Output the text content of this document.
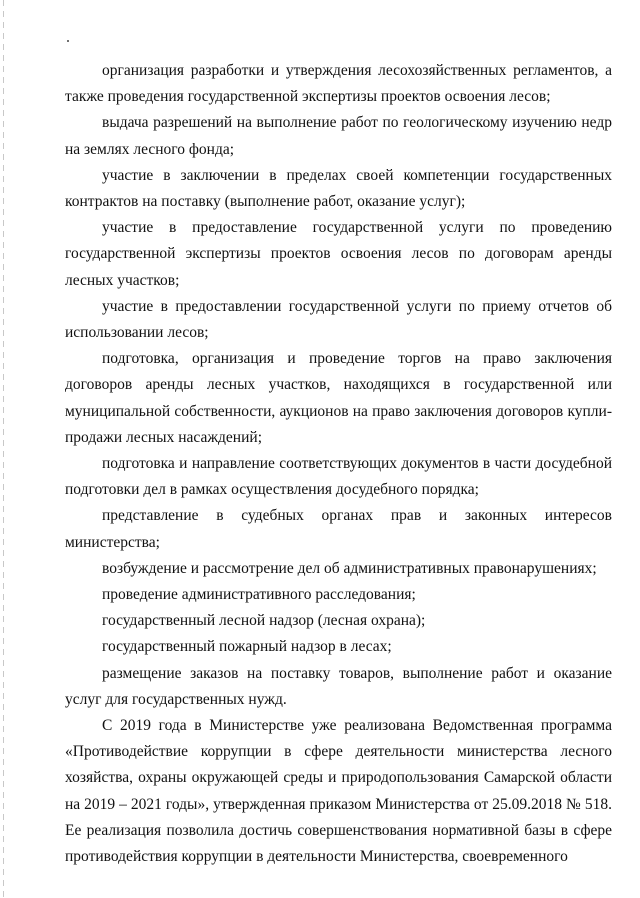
организация разработки и утверждения лесохозяйственных регламентов, а также проведения государственной экспертизы проектов освоения лесов;

выдача разрешений на выполнение работ по геологическому изучению недр на землях лесного фонда;

участие в заключении в пределах своей компетенции государственных контрактов на поставку (выполнение работ, оказание услуг);

участие в предоставление государственной услуги по проведению государственной экспертизы проектов освоения лесов по договорам аренды лесных участков;

участие в предоставлении государственной услуги по приему отчетов об использовании лесов;

подготовка, организация и проведение торгов на право заключения договоров аренды лесных участков, находящихся в государственной или муниципальной собственности, аукционов на право заключения договоров купли-продажи лесных насаждений;

подготовка и направление соответствующих документов в части досудебной подготовки дел в рамках осуществления досудебного порядка;

представление в судебных органах прав и законных интересов министерства;

возбуждение и рассмотрение дел об административных правонарушениях;

проведение административного расследования;

государственный лесной надзор (лесная охрана);

государственный пожарный надзор в лесах;

размещение заказов на поставку товаров, выполнение работ и оказание услуг для государственных нужд.

С 2019 года в Министерстве уже реализована Ведомственная программа «Противодействие коррупции в сфере деятельности министерства лесного хозяйства, охраны окружающей среды и природопользования Самарской области на 2019 – 2021 годы», утвержденная приказом Министерства от 25.09.2018 № 518. Ее реализация позволила достичь совершенствования нормативной базы в сфере противодействия коррупции в деятельности Министерства, своевременного
